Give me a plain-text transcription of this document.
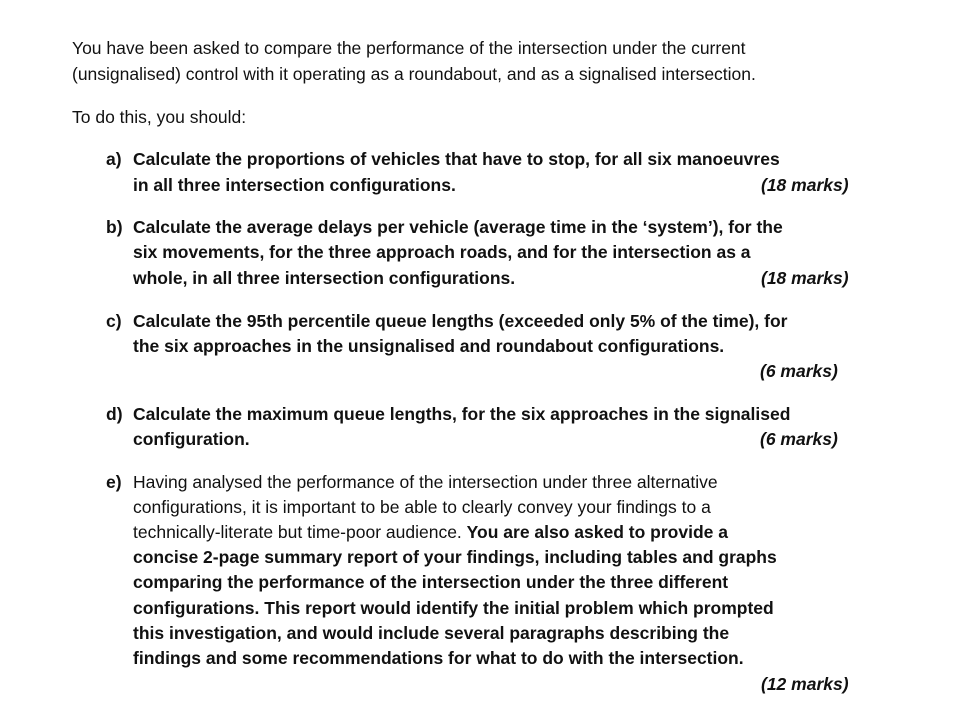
You have been asked to compare the performance of the intersection under the current
(unsignalised) control with it operating as a roundabout, and as a signalised intersection.
To do this, you should:
a) Calculate the proportions of vehicles that have to stop, for all six manoeuvres
in all three intersection configurations.	(18 marks)
b) Calculate the average delays per vehicle (average time in the ‘system’), for the
six movements, for the three approach roads, and for the intersection as a
whole, in all three intersection configurations.	(18 marks)
c) Calculate the 95th percentile queue lengths (exceeded only 5% of the time), for
the six approaches in the unsignalised and roundabout configurations.
(6 marks)
d) Calculate the maximum queue lengths, for the six approaches in the signalised
configuration.	(6 marks)
e) Having analysed the performance of the intersection under three alternative
configurations, it is important to be able to clearly convey your findings to a
technically-literate but time-poor audience. You are also asked to provide a
concise 2-page summary report of your findings, including tables and graphs
comparing the performance of the intersection under the three different
configurations. This report would identify the initial problem which prompted
this investigation, and would include several paragraphs describing the
findings and some recommendations for what to do with the intersection.
(12 marks)
